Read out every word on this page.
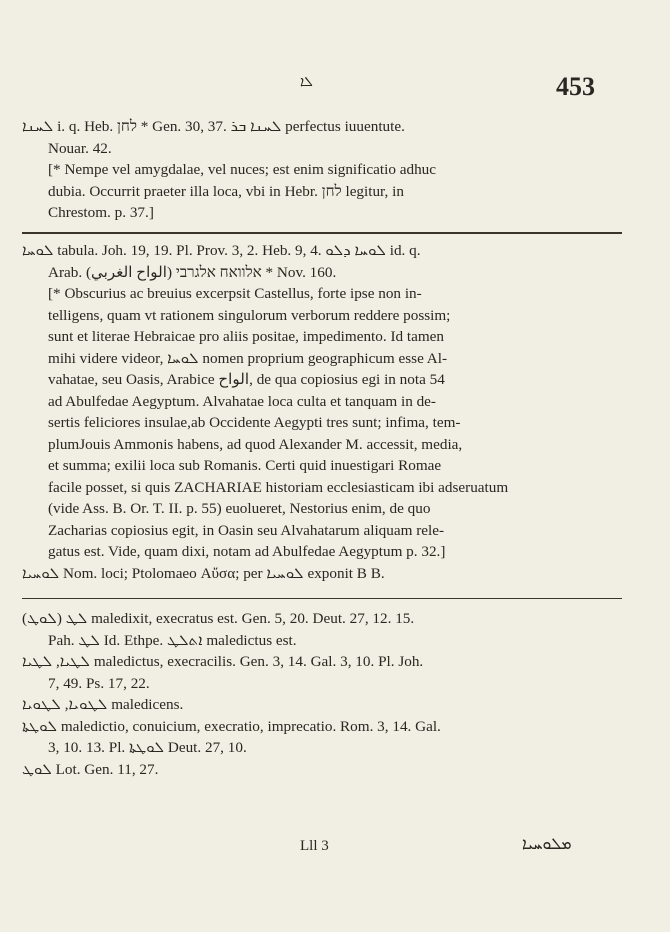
ܠܐ	453

ܠܚܢܐ i. q. Heb. לחן * Gen. 30, 37. ܠܚܢܐ ܒܪ perfectus iuuentute.

Nouar. 42.

[* Nempe vel amygdalae, vel nuces; est enim significatio adhuc

dubia. Occurrit praeter illa loca, vbi in Hebr. לחן legitur, in

Chrestom. p. 37.]

ܠܘܚܐ tabula. Joh. 19, 19. Pl. Prov. 3, 2. Heb. 9, 4. ܠܘܚܐ ܕܠܘ id. q.

Arab. אלוואח אלגרבי (الواح الغربي) * Nov. 160.

[* Obscurius ac breuius excerpsit Castellus, forte ipse non in-

telligens, quam vt rationem singulorum verborum reddere possim;

sunt et literae Hebraicae pro aliis positae, impedimento. Id tamen

mihi videre videor, ܠܘܚܐ nomen proprium geographicum esse Al-

vahatae, seu Oasis, Arabice الواح, de qua copiosius egi in nota 54

ad Abulfedae Aegyptum. Alvahatae loca culta et tanquam in de-

sertis feliciores insulae,ab Occidente Aegypti tres sunt; infima, tem-

plumJouis Ammonis habens, ad quod Alexander M. accessit, media,

et summa; exilii loca sub Romanis. Certi quid inuestigari Romae

facile posset, si quis ZACHARIAE historiam ecclesiasticam ibi adseruatum

(vide Ass. B. Or. T. II. p. 55) euolueret, Nestorius enim, de quo

Zacharias copiosius egit, in Oasin seu Alvahatarum aliquam rele-

gatus est. Vide, quam dixi, notam ad Abulfedae Aegyptum p. 32.]

ܠܘܚܝܐ Nom. loci; Ptolomaeo Αὔσα; per ܠܘܚܝܐ exponit B B.

(ܠܘܛ) ܠܛ maledixit, execratus est. Gen. 5, 20. Deut. 27, 12. 15.

Pah. ܠܛ Id. Ethpe. ܐܬܠܛ maledictus est.

ܠܛܝܐ, ܠܛܝܐ maledictus, execracilis. Gen. 3, 14. Gal. 3, 10. Pl. Joh.

7, 49. Ps. 17, 22.

ܠܛܘܝܐ, ܠܛܘܝܐ maledicens.

ܠܘܛܬܐ maledictio, conuicium, execratio, imprecatio. Rom. 3, 14. Gal.

3, 10. 13. Pl. ܠܘܛܬܐ Deut. 27, 10.

ܠܘܛ Lot. Gen. 11, 27.

Lll 3	ܡܠܘܚܝܐ
